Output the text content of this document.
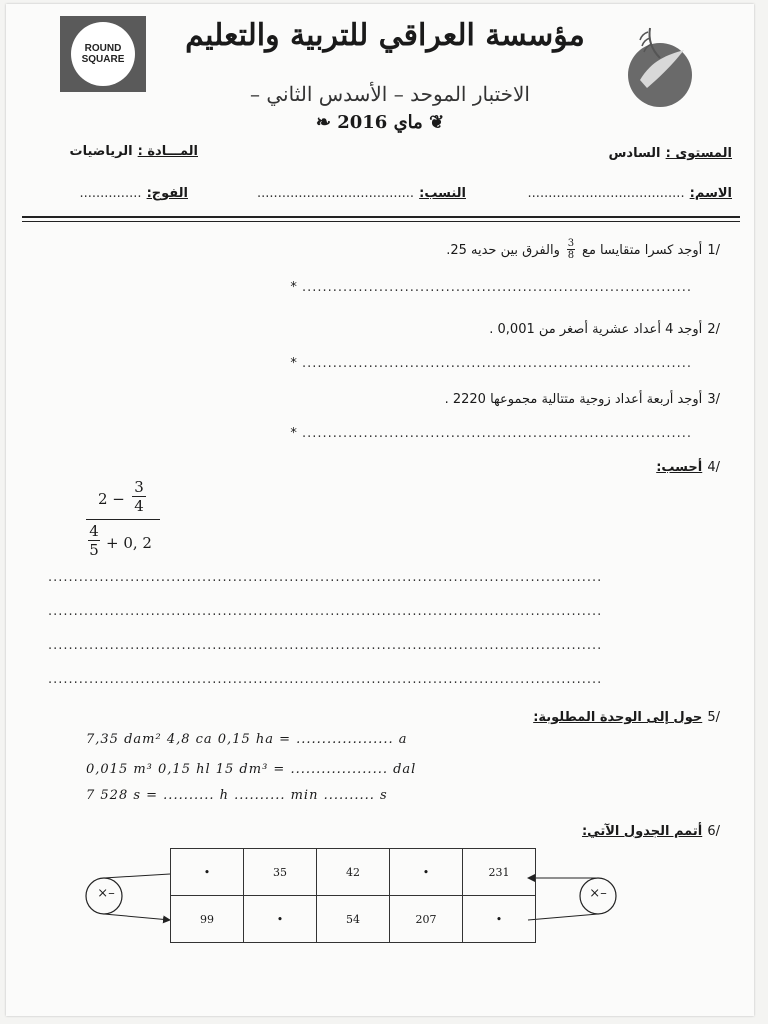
ROUND
SQUARE
مؤسسة العراقي للتربية والتعليم
الاختبار الموحد – الأسدس الثاني –
❦ ماي 2016 ❧
المستوى : السادس
المـــادة : الرياضيات
الاسم: ......................................
النسب: ......................................
الفوج: ...............
/1 أوجد كسرا متقايسا مع
$\frac{3}{8}$
والفرق بين حديه 25.
* ............................................................................
/2 أوجد 4 أعداد عشرية أصغر من 0,001 .
* ............................................................................
/3 أوجد أربعة أعداد زوجية متتالية مجموعها 2220 .
* ............................................................................
/4 أحسب:
2 −
3
4
4
5 + 0, 2
............................................................................................................
............................................................................................................
............................................................................................................
............................................................................................................
/5 حول إلى الوحدة المطلوبة:
7,35 dam² 4,8 ca 0,15 ha = ................... a
0,015 m³ 0,15 hl 15 dm³ = ................... dal
7 528 s = .......... h .......... min .......... s
/6 أتمم الجدول الآتي:
×–	×–
•	35	42	•	231
99	•	54	207	•
